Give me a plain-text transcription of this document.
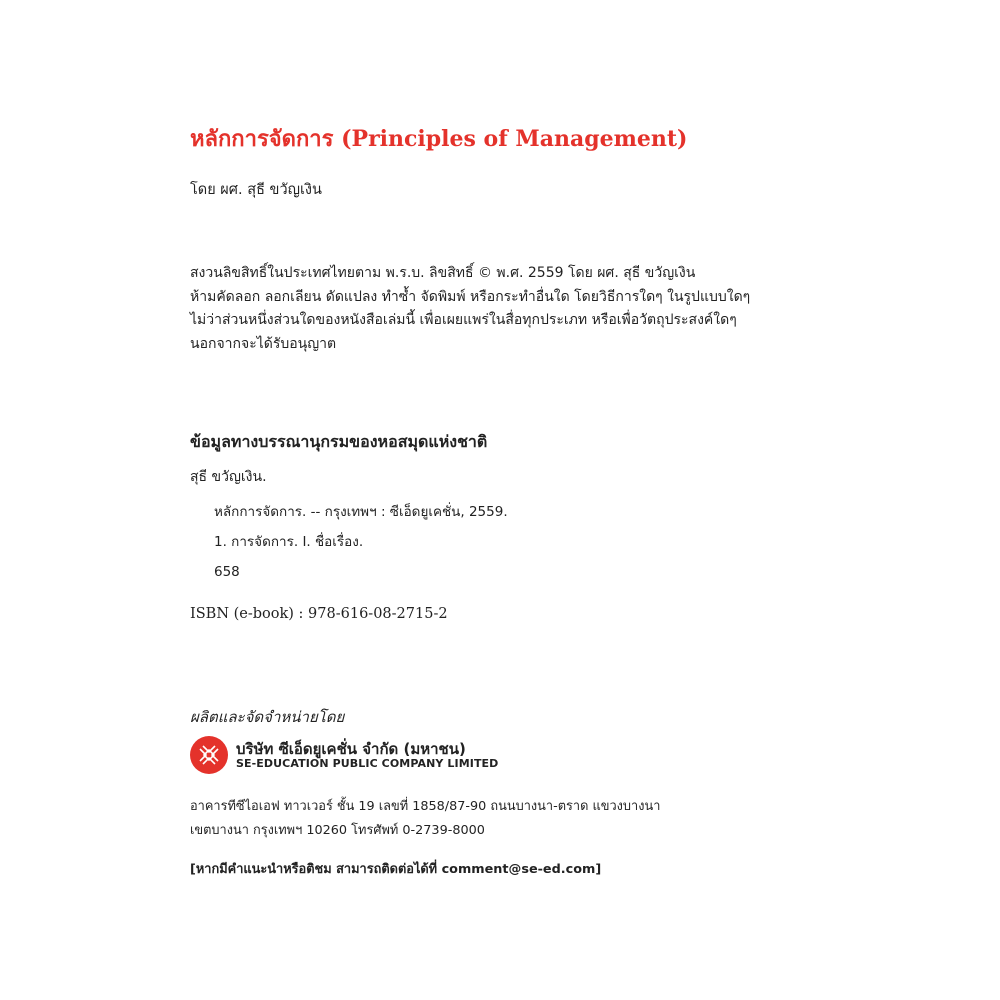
หลักการจัดการ (Principles of Management)
โดย ผศ. สุธี ขวัญเงิน
สงวนลิขสิทธิ์ในประเทศไทยตาม พ.ร.บ. ลิขสิทธิ์ © พ.ศ. 2559 โดย ผศ. สุธี ขวัญเงิน
ห้ามคัดลอก ลอกเลียน ดัดแปลง ทำซ้ำ จัดพิมพ์ หรือกระทำอื่นใด โดยวิธีการใดๆ ในรูปแบบใดๆ
ไม่ว่าส่วนหนึ่งส่วนใดของหนังสือเล่มนี้ เพื่อเผยแพร่ในสื่อทุกประเภท หรือเพื่อวัตถุประสงค์ใดๆ
นอกจากจะได้รับอนุญาต
ข้อมูลทางบรรณานุกรมของหอสมุดแห่งชาติ
สุธี ขวัญเงิน.
หลักการจัดการ. -- กรุงเทพฯ : ซีเอ็ดยูเคชั่น, 2559.
1. การจัดการ. I. ชื่อเรื่อง.
658
ISBN (e-book) : 978-616-08-2715-2
ผลิตและจัดจำหน่ายโดย
บริษัท ซีเอ็ดยูเคชั่น จำกัด (มหาชน)
SE-EDUCATION PUBLIC COMPANY LIMITED
อาคารทีซีไอเอฟ ทาวเวอร์ ชั้น 19 เลขที่ 1858/87-90 ถนนบางนา-ตราด แขวงบางนา
เขตบางนา กรุงเทพฯ 10260 โทรศัพท์ 0-2739-8000
[หากมีคำแนะนำหรือติชม สามารถติดต่อได้ที่ comment@se-ed.com]
